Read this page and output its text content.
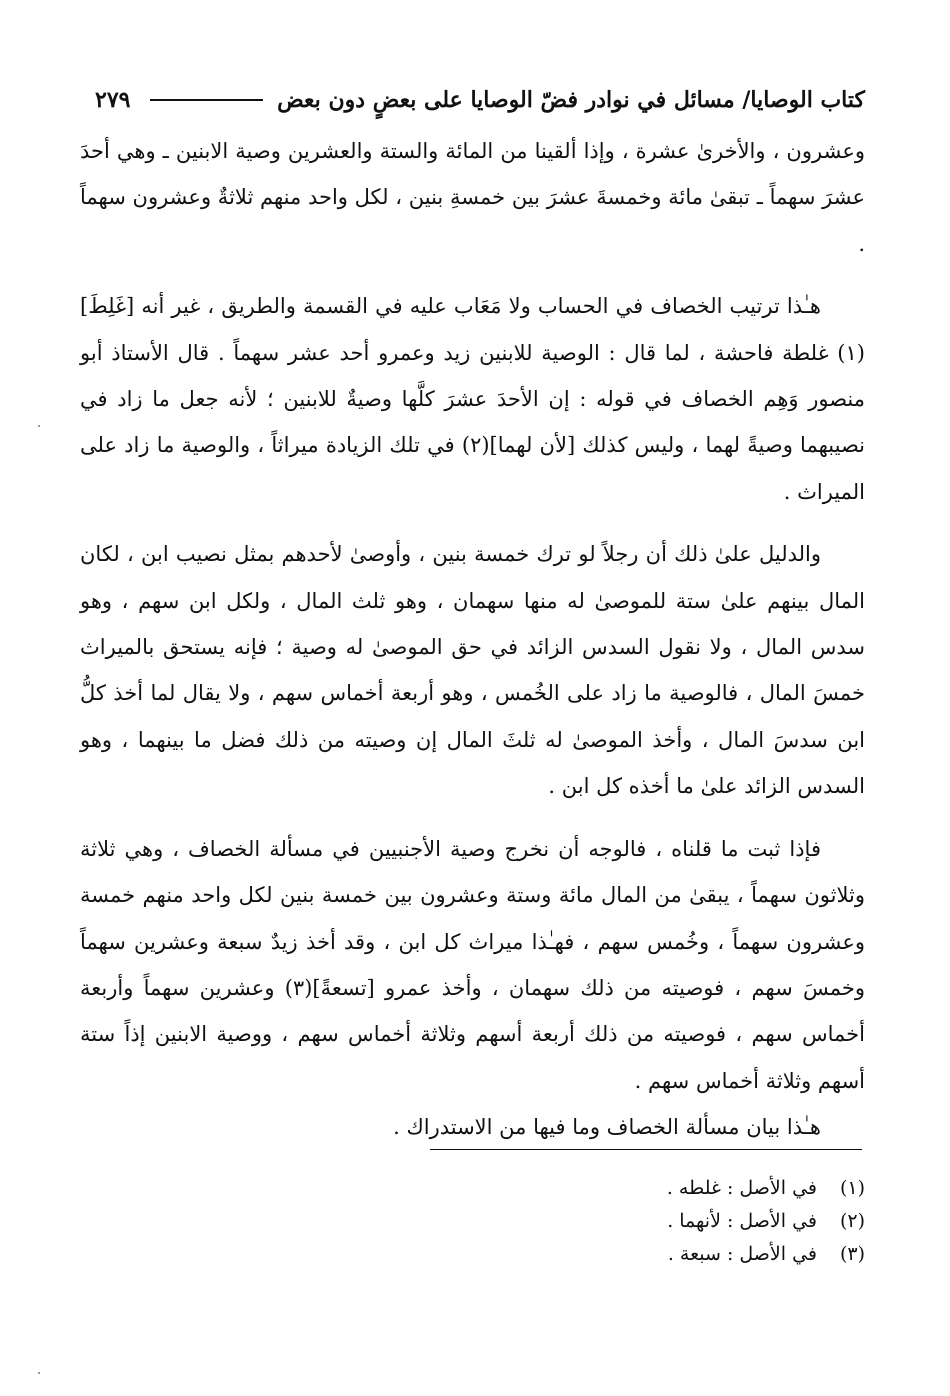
كتاب الوصايا/ مسائل في نوادر فضّ الوصايا على بعضٍ دون بعض
٢٧٩

وعشرون ، والأخرىٰ عشرة ، وإذا ألقينا من المائة والستة والعشرين وصية الابنين ـ وهي أحدَ عشرَ سهماً ـ تبقىٰ مائة وخمسةَ عشرَ بين خمسةِ بنين ، لكل واحد منهم ثلاثةٌ وعشرون سهماً .

هـٰذا ترتيب الخصاف في الحساب ولا مَعَاب عليه في القسمة والطريق ، غير أنه [غَلِطَ](١) غلطة فاحشة ، لما قال : الوصية للابنين زيد وعمرو أحد عشر سهماً . قال الأستاذ أبو منصور وَهِم الخصاف في قوله : إن الأحدَ عشرَ كلَّها وصيةٌ للابنين ؛ لأنه جعل ما زاد في نصيبهما وصيةً لهما ، وليس كذلك [لأن لهما](٢) في تلك الزيادة ميراثاً ، والوصية ما زاد على الميراث .

والدليل علىٰ ذلك أن رجلاً لو ترك خمسة بنين ، وأوصىٰ لأحدهم بمثل نصيب ابن ، لكان المال بينهم علىٰ ستة للموصىٰ له منها سهمان ، وهو ثلث المال ، ولكل ابن سهم ، وهو سدس المال ، ولا نقول السدس الزائد في حق الموصىٰ له وصية ؛ فإنه يستحق بالميراث خمسَ المال ، فالوصية ما زاد على الخُمس ، وهو أربعة أخماس سهم ، ولا يقال لما أخذ كلُّ ابن سدسَ المال ، وأخذ الموصىٰ له ثلثَ المال إن وصيته من ذلك فضل ما بينهما ، وهو السدس الزائد علىٰ ما أخذه كل ابن .

فإذا ثبت ما قلناه ، فالوجه أن نخرج وصية الأجنبيين في مسألة الخصاف ، وهي ثلاثة وثلاثون سهماً ، يبقىٰ من المال مائة وستة وعشرون بين خمسة بنين لكل واحد منهم خمسة وعشرون سهماً ، وخُمس سهم ، فهـٰذا ميراث كل ابن ، وقد أخذ زيدٌ سبعة وعشرين سهماً وخمسَ سهم ، فوصيته من ذلك سهمان ، وأخذ عمرو [تسعةً](٣) وعشرين سهماً وأربعة أخماس سهم ، فوصيته من ذلك أربعة أسهم وثلاثة أخماس سهم ، ووصية الابنين إذاً ستة أسهم وثلاثة أخماس سهم .

هـٰذا بيان مسألة الخصاف وما فيها من الاستدراك .

(١)
في الأصل : غلطه .
(٢)
في الأصل : لأنهما .
(٣)
في الأصل : سبعة .
